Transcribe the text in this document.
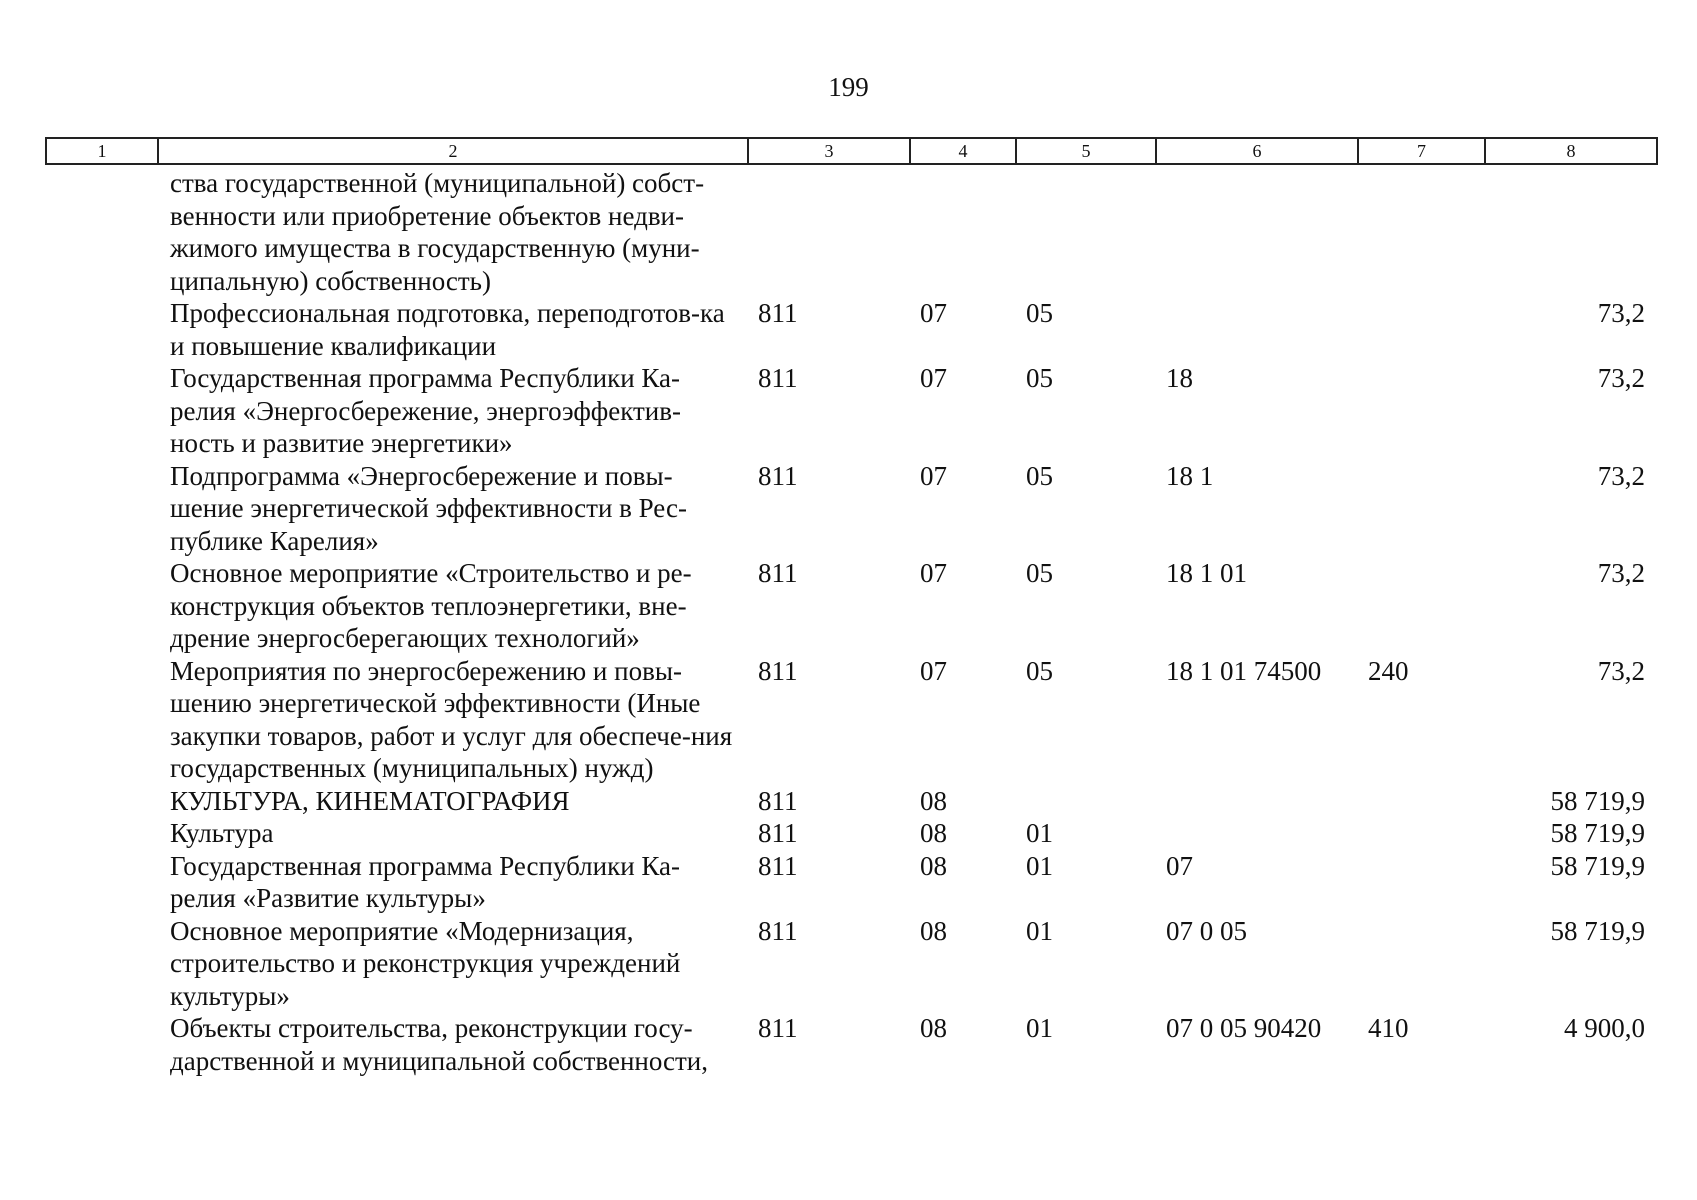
199
1	2	3	4	5	6	7	8
	ства государственной (муниципальной) собст-венности или приобретение объектов недви-жимого имущества в государственную (муни-ципальную) собственность)						
	Профессиональная подготовка, переподготов-ка и повышение квалификации	811	07	05			73,2
	Государственная программа Республики Ка-релия «Энергосбережение, энергоэффектив-ность и развитие энергетики»	811	07	05	18		73,2
	Подпрограмма «Энергосбережение и повы-шение энергетической эффективности в Рес-публике Карелия»	811	07	05	18 1		73,2
	Основное мероприятие «Строительство и ре-конструкция объектов теплоэнергетики, вне-дрение энергосберегающих технологий»	811	07	05	18 1 01		73,2
	Мероприятия по энергосбережению и повы-шению энергетической эффективности (Иные закупки товаров, работ и услуг для обеспече-ния государственных (муниципальных) нужд)	811	07	05	18 1 01 74500	240	73,2
	КУЛЬТУРА, КИНЕМАТОГРАФИЯ	811	08				58 719,9
	Культура	811	08	01			58 719,9
	Государственная программа Республики Ка-релия «Развитие культуры»	811	08	01	07		58 719,9
	Основное мероприятие «Модернизация, строительство и реконструкция учреждений культуры»	811	08	01	07 0 05		58 719,9
	Объекты строительства, реконструкции госу-дарственной и муниципальной собственности,	811	08	01	07 0 05 90420	410	4 900,0
